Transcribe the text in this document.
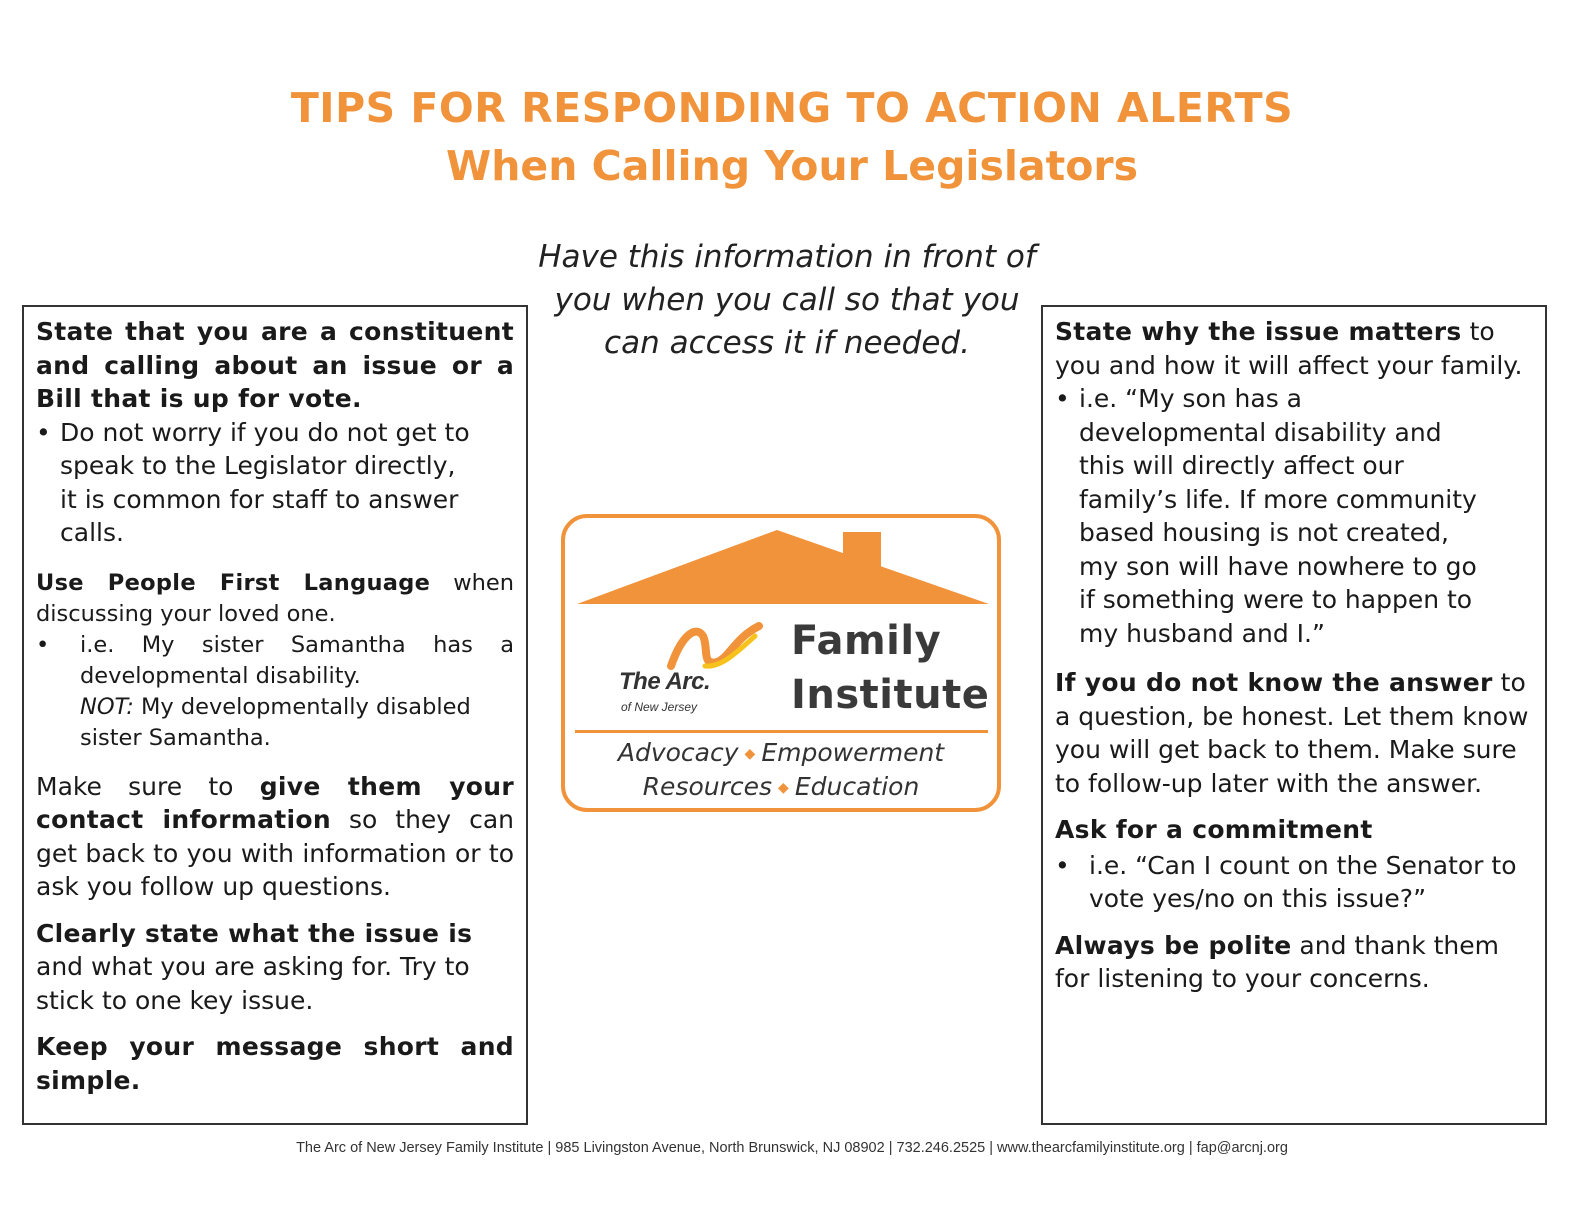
TIPS FOR RESPONDING TO ACTION ALERTS
When Calling Your Legislators
Have this information in front of you when you call so that you can access it if needed.

State that you are a constituent and calling about an issue or a Bill that is up for vote.

• Do not worry if you do not get to speak to the Legislator directly, it is common for staff to answer calls.

Use People First Language when discussing your loved one.

• i.e. My sister Samantha has a developmental disability.

NOT: My developmentally disabled sister Samantha.

Make sure to give them your contact information so they can get back to you with information or to ask you follow up questions.

Clearly state what the issue is and what you are asking for. Try to stick to one key issue.

Keep your message short and simple.

The Arc.
of New Jersey
Family
Institute
Advocacy ◆ Empowerment
Resources ◆ Education

State why the issue matters to you and how it will affect your family.

• i.e. “My son has a developmental disability and this will directly affect our family’s life. If more community based housing is not created, my son will have nowhere to go if something were to happen to my husband and I.”

If you do not know the answer to a question, be honest. Let them know you will get back to them. Make sure to follow-up later with the answer.

Ask for a commitment

• i.e. “Can I count on the Senator to vote yes/no on this issue?”

Always be polite and thank them for listening to your concerns.

The Arc of New Jersey Family Institute | 985 Livingston Avenue, North Brunswick, NJ 08902 | 732.246.2525 | www.thearcfamilyinstitute.org | fap@arcnj.org
